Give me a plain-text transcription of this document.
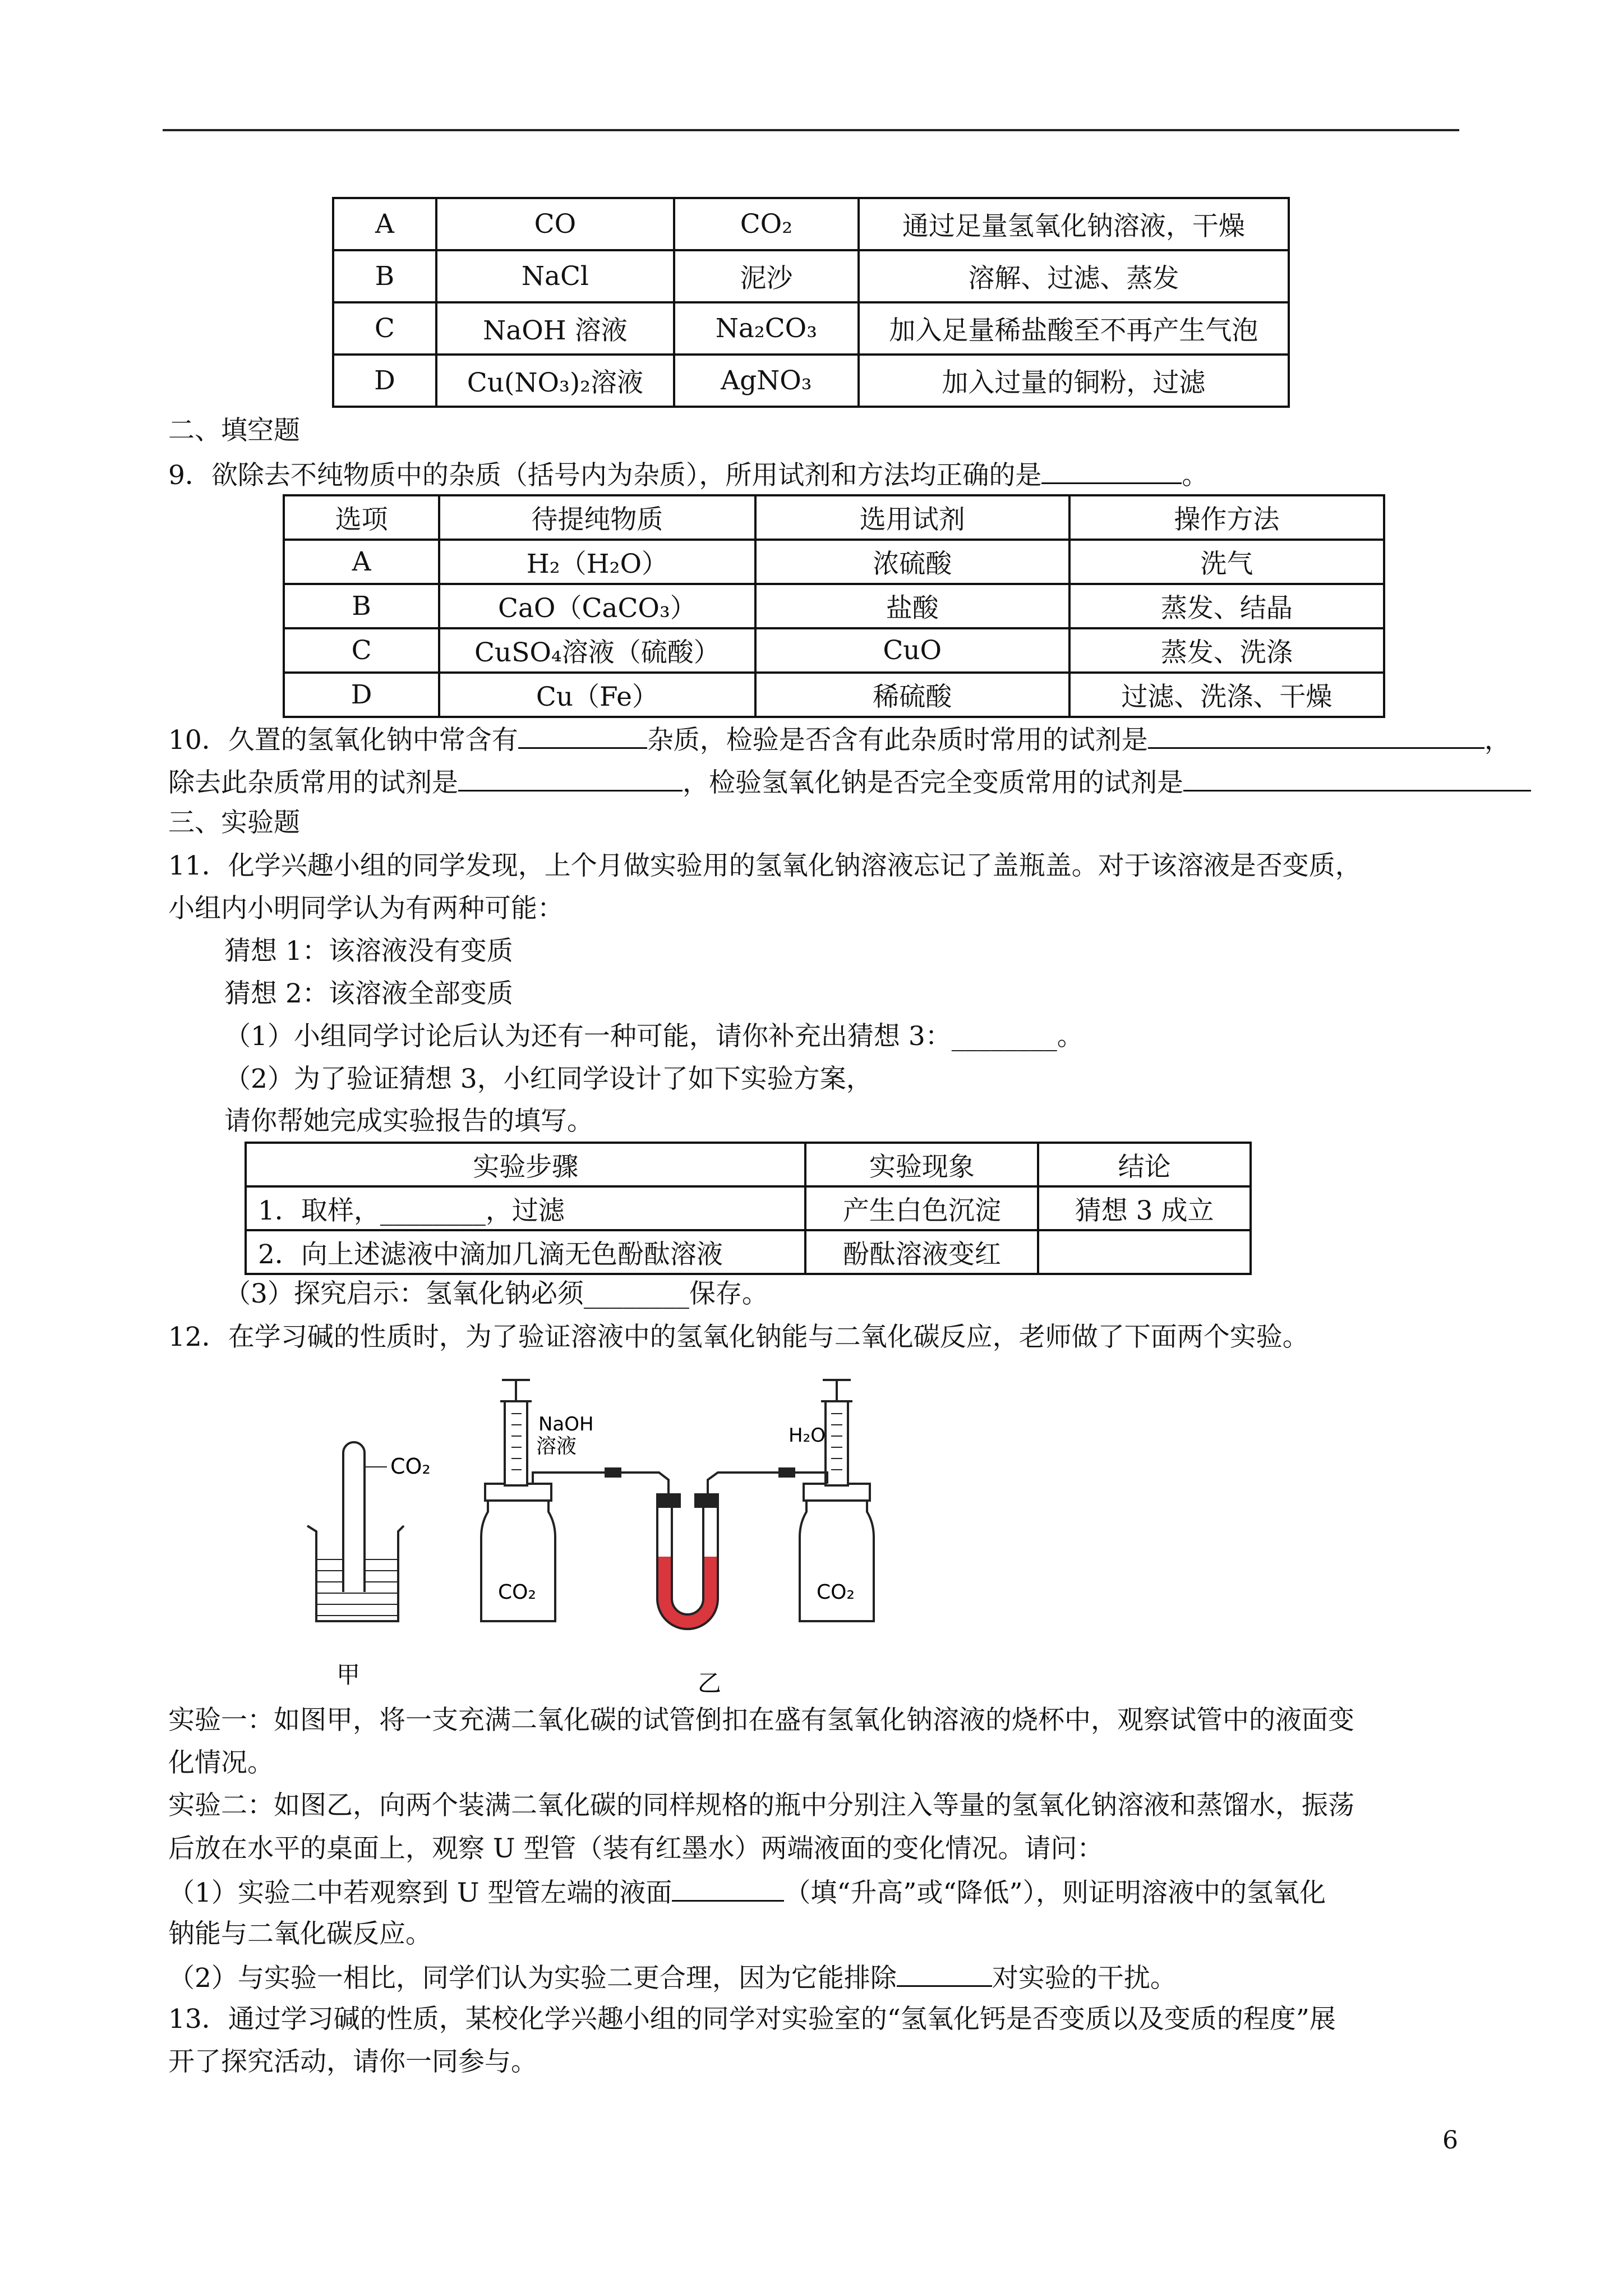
A	CO	CO₂	通过足量氢氧化钠溶液，干燥
B	NaCl	泥沙	溶解、过滤、蒸发
C	NaOH 溶液	Na₂CO₃	加入足量稀盐酸至不再产生气泡
D	Cu(NO₃)₂溶液	AgNO₃	加入过量的铜粉，过滤
二、填空题
9．欲除去不纯物质中的杂质（括号内为杂质），所用试剂和方法均正确的是	。
选项	待提纯物质	选用试剂	操作方法
A	H₂（H₂O）	浓硫酸	洗气
B	CaO（CaCO₃）	盐酸	蒸发、结晶
C	CuSO₄溶液（硫酸）	CuO	蒸发、洗涤
D	Cu（Fe）	稀硫酸	过滤、洗涤、干燥
10．久置的氢氧化钠中常含有	杂质，检验是否含有此杂质时常用的试剂是	，
除去此杂质常用的试剂是	，检验氢氧化钠是否完全变质常用的试剂是
三、实验题
11．化学兴趣小组的同学发现，上个月做实验用的氢氧化钠溶液忘记了盖瓶盖。对于该溶液是否变质，
小组内小明同学认为有两种可能：
猜想 1：该溶液没有变质
猜想 2：该溶液全部变质
（1）小组同学讨论后认为还有一种可能，请你补充出猜想 3：________。
（2）为了验证猜想 3，小红同学设计了如下实验方案，
请你帮她完成实验报告的填写。
实验步骤	实验现象	结论
1．取样，________，过滤	产生白色沉淀	猜想 3 成立
2．向上述滤液中滴加几滴无色酚酞溶液	酚酞溶液变红	
（3）探究启示：氢氧化钠必须________保存。
12．在学习碱的性质时，为了验证溶液中的氢氧化钠能与二氧化碳反应，老师做了下面两个实验。
CO₂
甲
NaOH
溶液	H₂O
CO₂	CO₂
乙
实验一：如图甲，将一支充满二氧化碳的试管倒扣在盛有氢氧化钠溶液的烧杯中，观察试管中的液面变
化情况。
实验二：如图乙，向两个装满二氧化碳的同样规格的瓶中分别注入等量的氢氧化钠溶液和蒸馏水，振荡
后放在水平的桌面上，观察 U 型管（装有红墨水）两端液面的变化情况。请问：
（1）实验二中若观察到 U 型管左端的液面	（填“升高”或“降低”），则证明溶液中的氢氧化
钠能与二氧化碳反应。
（2）与实验一相比，同学们认为实验二更合理，因为它能排除	对实验的干扰。
13．通过学习碱的性质，某校化学兴趣小组的同学对实验室的“氢氧化钙是否变质以及变质的程度”展
开了探究活动，请你一同参与。
6
